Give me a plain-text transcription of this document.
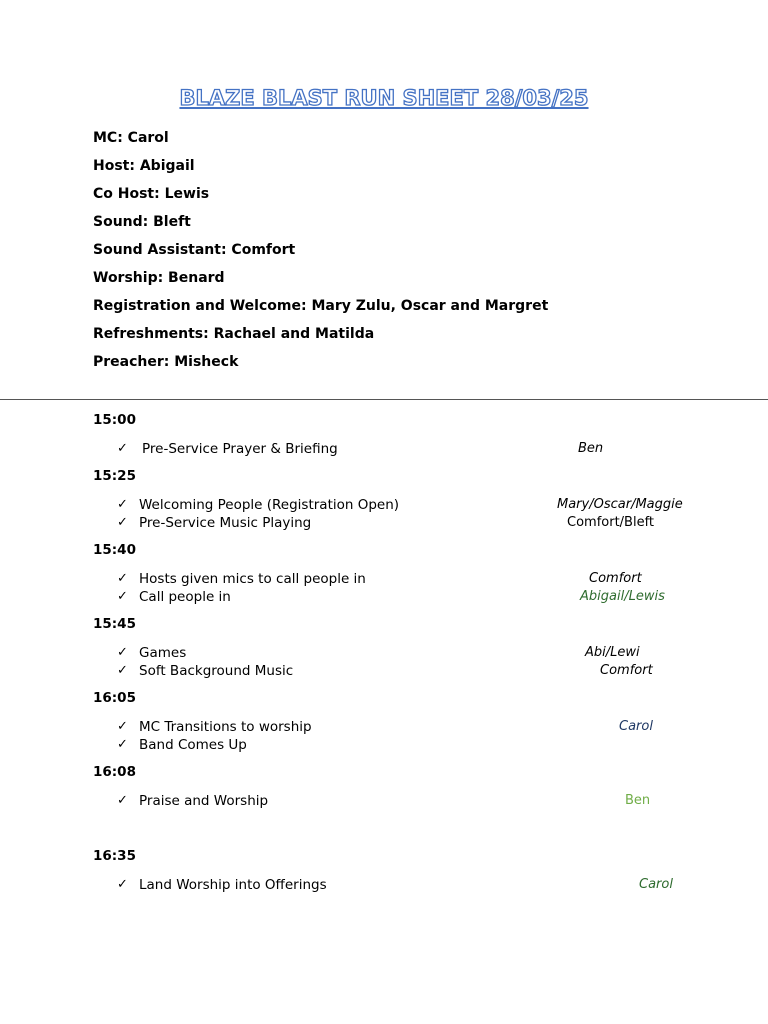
BLAZE BLAST RUN SHEET 28/03/25
MC: Carol
Host: Abigail
Co Host: Lewis
Sound: Bleft
Sound Assistant: Comfort
Worship: Benard
Registration and Welcome: Mary Zulu, Oscar and Margret
Refreshments: Rachael and Matilda
Preacher: Misheck
15:00
✓ Pre-Service Prayer & Briefing	Ben
15:25
✓ Welcoming People (Registration Open)	Mary/Oscar/Maggie
✓ Pre-Service Music Playing	Comfort/Bleft
15:40
✓ Hosts given mics to call people in	Comfort
✓ Call people in	Abigail/Lewis
15:45
✓ Games	Abi/Lewi
✓ Soft Background Music	Comfort
16:05
✓ MC Transitions to worship	Carol
✓ Band Comes Up
16:08
✓ Praise and Worship	Ben
16:35
✓ Land Worship into Offerings	Carol
